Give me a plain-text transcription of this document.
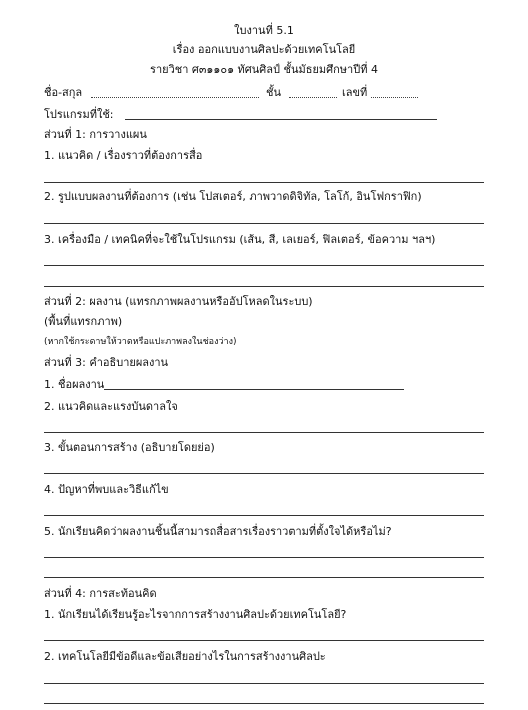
ใบงานที่ 5.1
เรื่อง ออกแบบงานศิลปะด้วยเทคโนโลยี
รายวิชา ศ๓๑๑๐๑ ทัศนศิลป์ ชั้นมัธยมศึกษาปีที่ 4
ชื่อ-สกุล	ชั้น	เลขที่
โปรแกรมที่ใช้:
ส่วนที่ 1: การวางแผน
1. แนวคิด / เรื่องราวที่ต้องการสื่อ
2. รูปแบบผลงานที่ต้องการ (เช่น โปสเตอร์, ภาพวาดดิจิทัล, โลโก้, อินโฟกราฟิก)
3. เครื่องมือ / เทคนิคที่จะใช้ในโปรแกรม (เส้น, สี, เลเยอร์, ฟิลเตอร์, ข้อความ ฯลฯ)
ส่วนที่ 2: ผลงาน (แทรกภาพผลงานหรืออัปโหลดในระบบ)
(พื้นที่แทรกภาพ)
(หากใช้กระดาษให้วาดหรือแปะภาพลงในช่องว่าง)
ส่วนที่ 3: คำอธิบายผลงาน
1. ชื่อผลงาน
2. แนวคิดและแรงบันดาลใจ
3. ขั้นตอนการสร้าง (อธิบายโดยย่อ)
4. ปัญหาที่พบและวิธีแก้ไข
5. นักเรียนคิดว่าผลงานชิ้นนี้สามารถสื่อสารเรื่องราวตามที่ตั้งใจได้หรือไม่?
ส่วนที่ 4: การสะท้อนคิด
1. นักเรียนได้เรียนรู้อะไรจากการสร้างงานศิลปะด้วยเทคโนโลยี?
2. เทคโนโลยีมีข้อดีและข้อเสียอย่างไรในการสร้างงานศิลปะ
